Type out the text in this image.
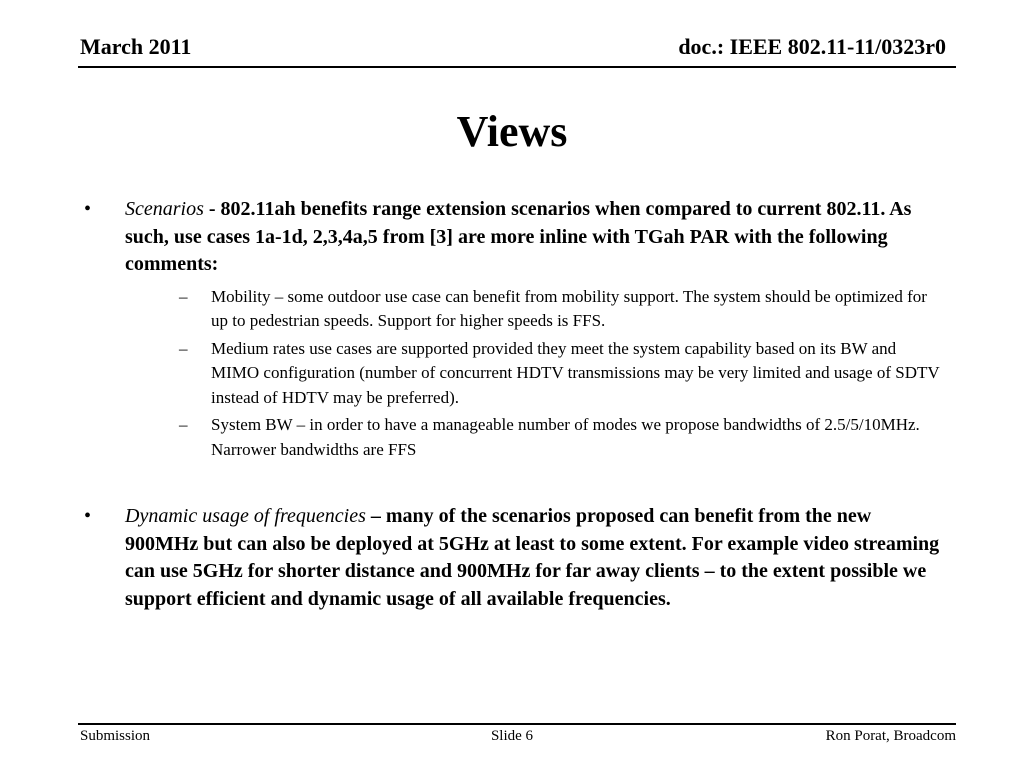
March 2011	doc.: IEEE 802.11-11/0323r0
Views
• Scenarios - 802.11ah benefits range extension scenarios when compared to current 802.11. As such, use cases 1a-1d, 2,3,4a,5 from [3] are more inline with TGah PAR with the following comments:
– Mobility – some outdoor use case can benefit from mobility support. The system should be optimized for up to pedestrian speeds. Support for higher speeds is FFS.
– Medium rates use cases are supported provided they meet the system capability based on its BW and MIMO configuration (number of concurrent HDTV transmissions may be very limited and usage of SDTV instead of HDTV may be preferred).
– System BW – in order to have a manageable number of modes we propose bandwidths of 2.5/5/10MHz. Narrower bandwidths are FFS
• Dynamic usage of frequencies – many of the scenarios proposed can benefit from the new 900MHz but can also be deployed at 5GHz at least to some extent. For example video streaming can use 5GHz for shorter distance and 900MHz for far away clients – to the extent possible we support efficient and dynamic usage of all available frequencies.
Submission	Slide 6	Ron Porat, Broadcom
